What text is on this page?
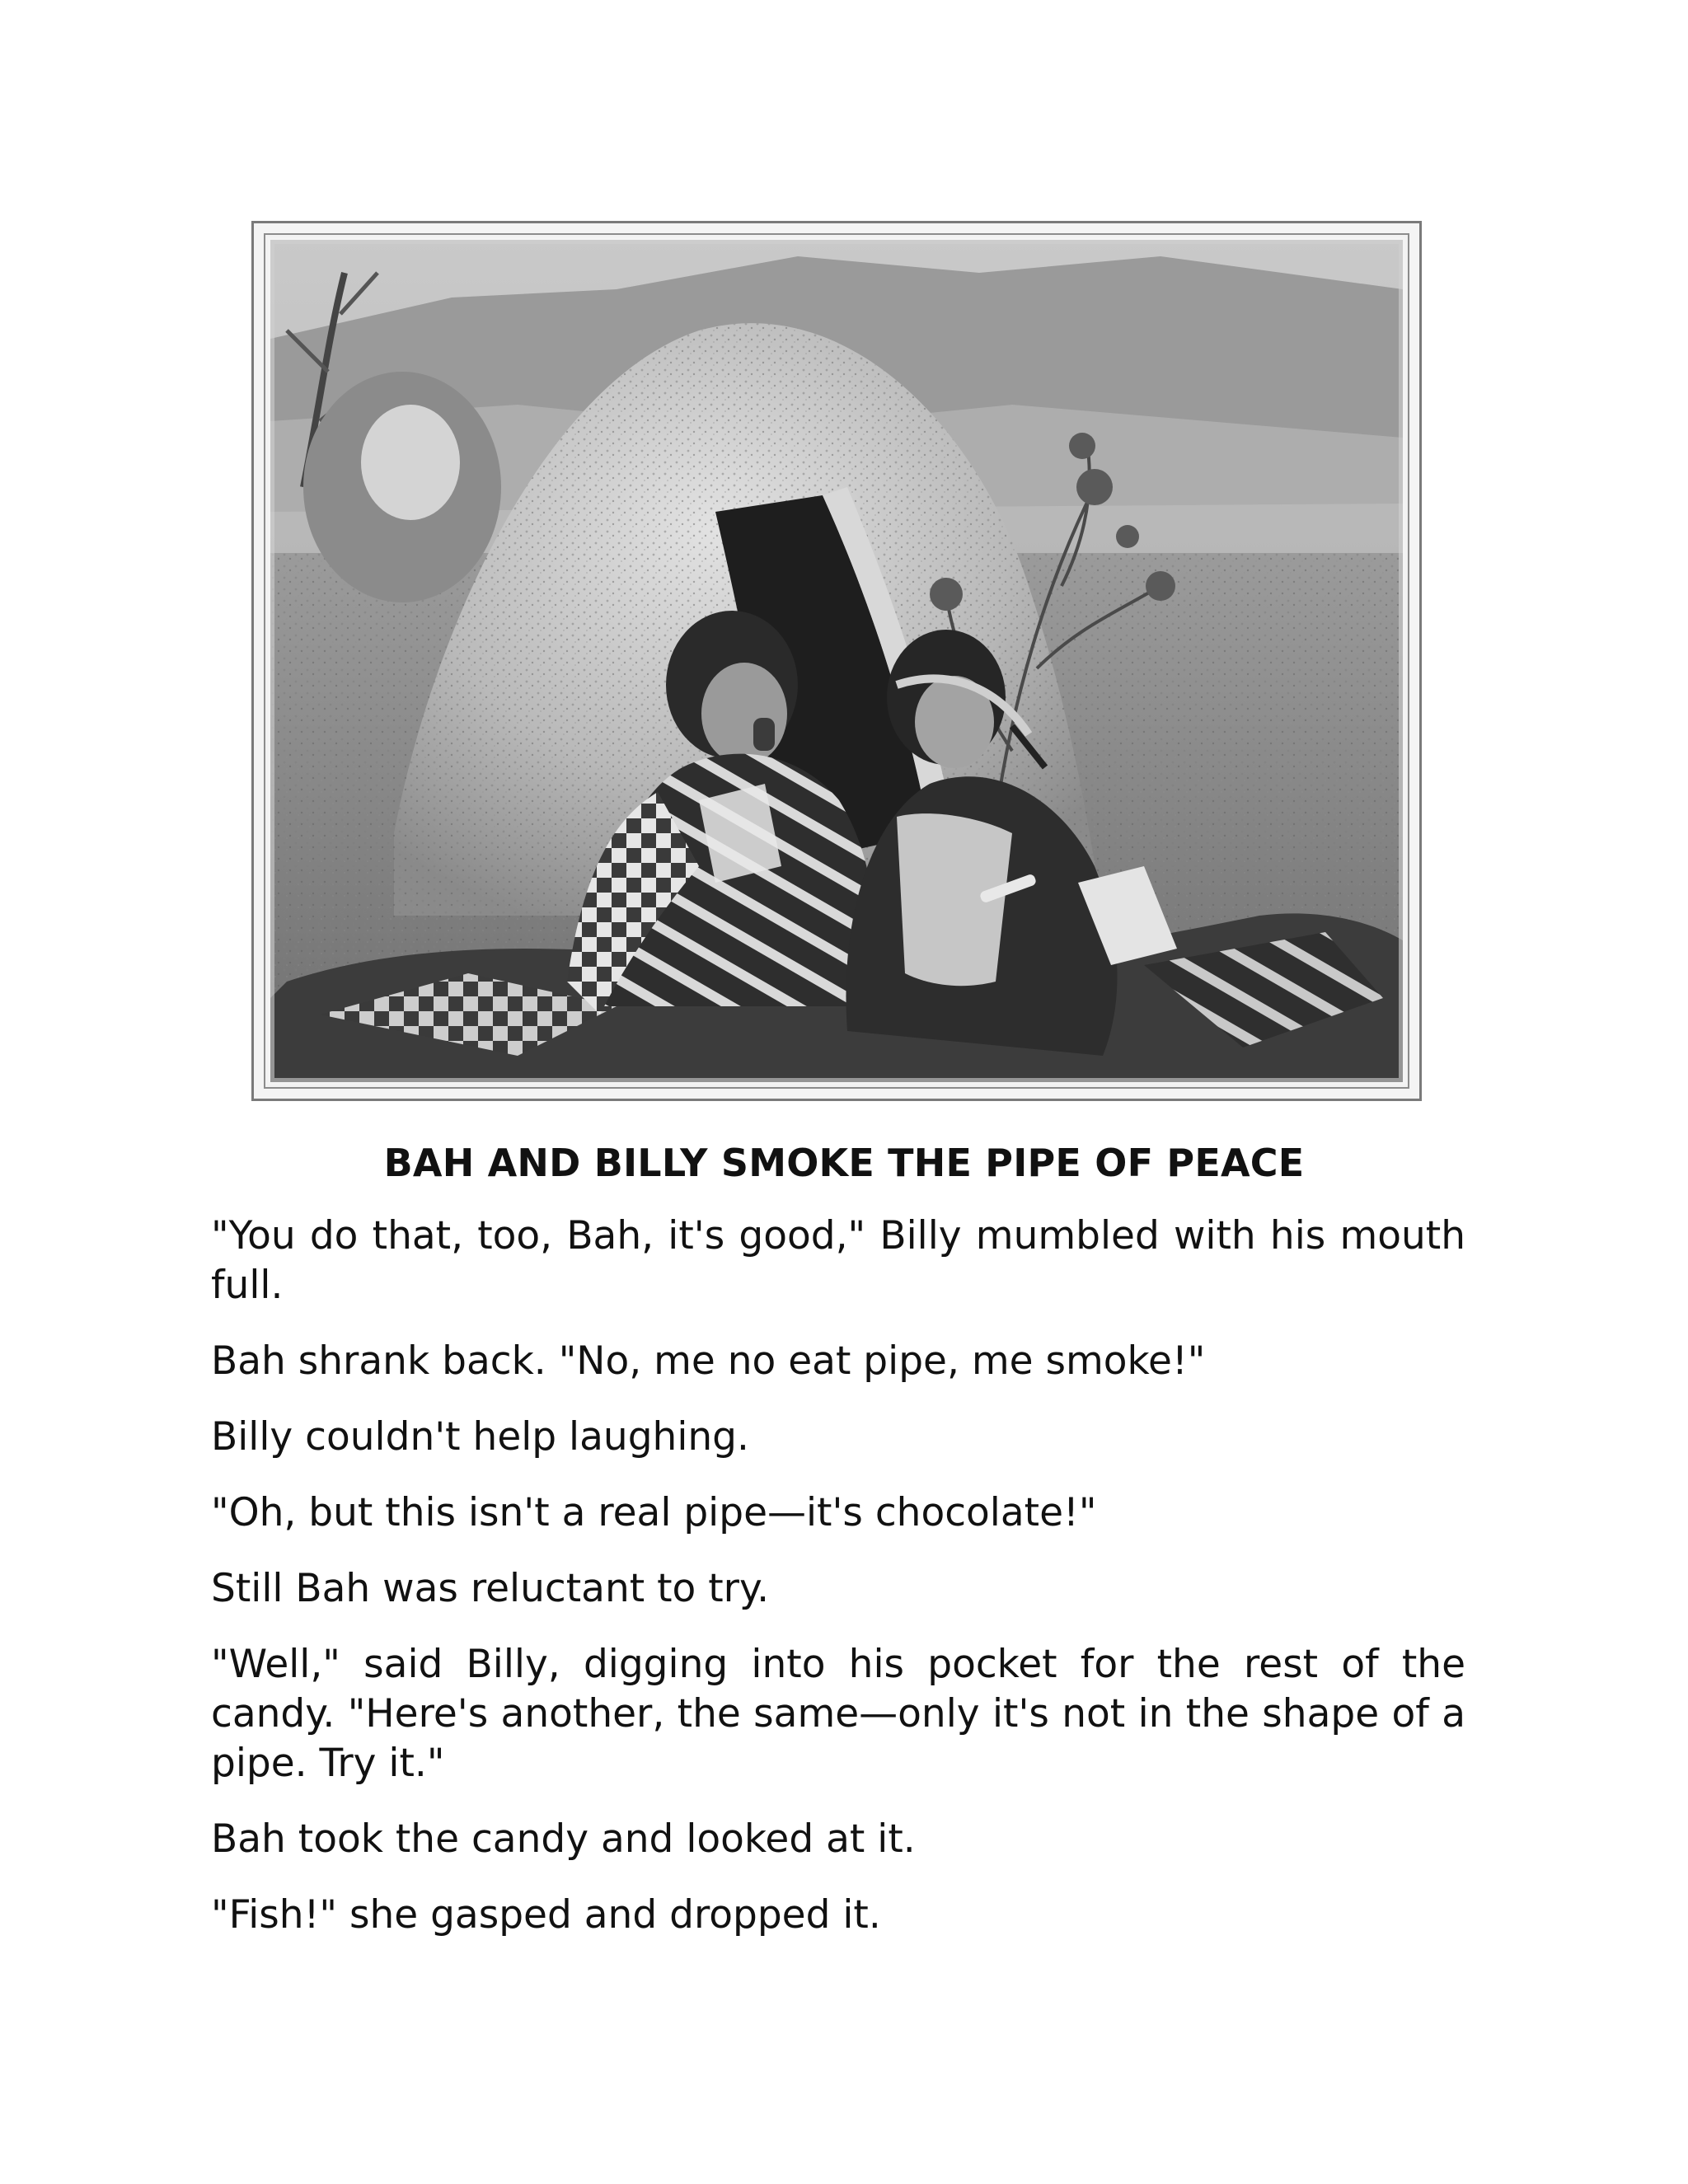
BAH AND BILLY SMOKE THE PIPE OF PEACE

"You do that, too, Bah, it's good," Billy mumbled with his mouth full.

Bah shrank back. "No, me no eat pipe, me smoke!"

Billy couldn't help laughing.

"Oh, but this isn't a real pipe—it's chocolate!"

Still Bah was reluctant to try.

"Well," said Billy, digging into his pocket for the rest of the candy. "Here's another, the same—only it's not in the shape of a pipe. Try it."

Bah took the candy and looked at it.

"Fish!" she gasped and dropped it.
